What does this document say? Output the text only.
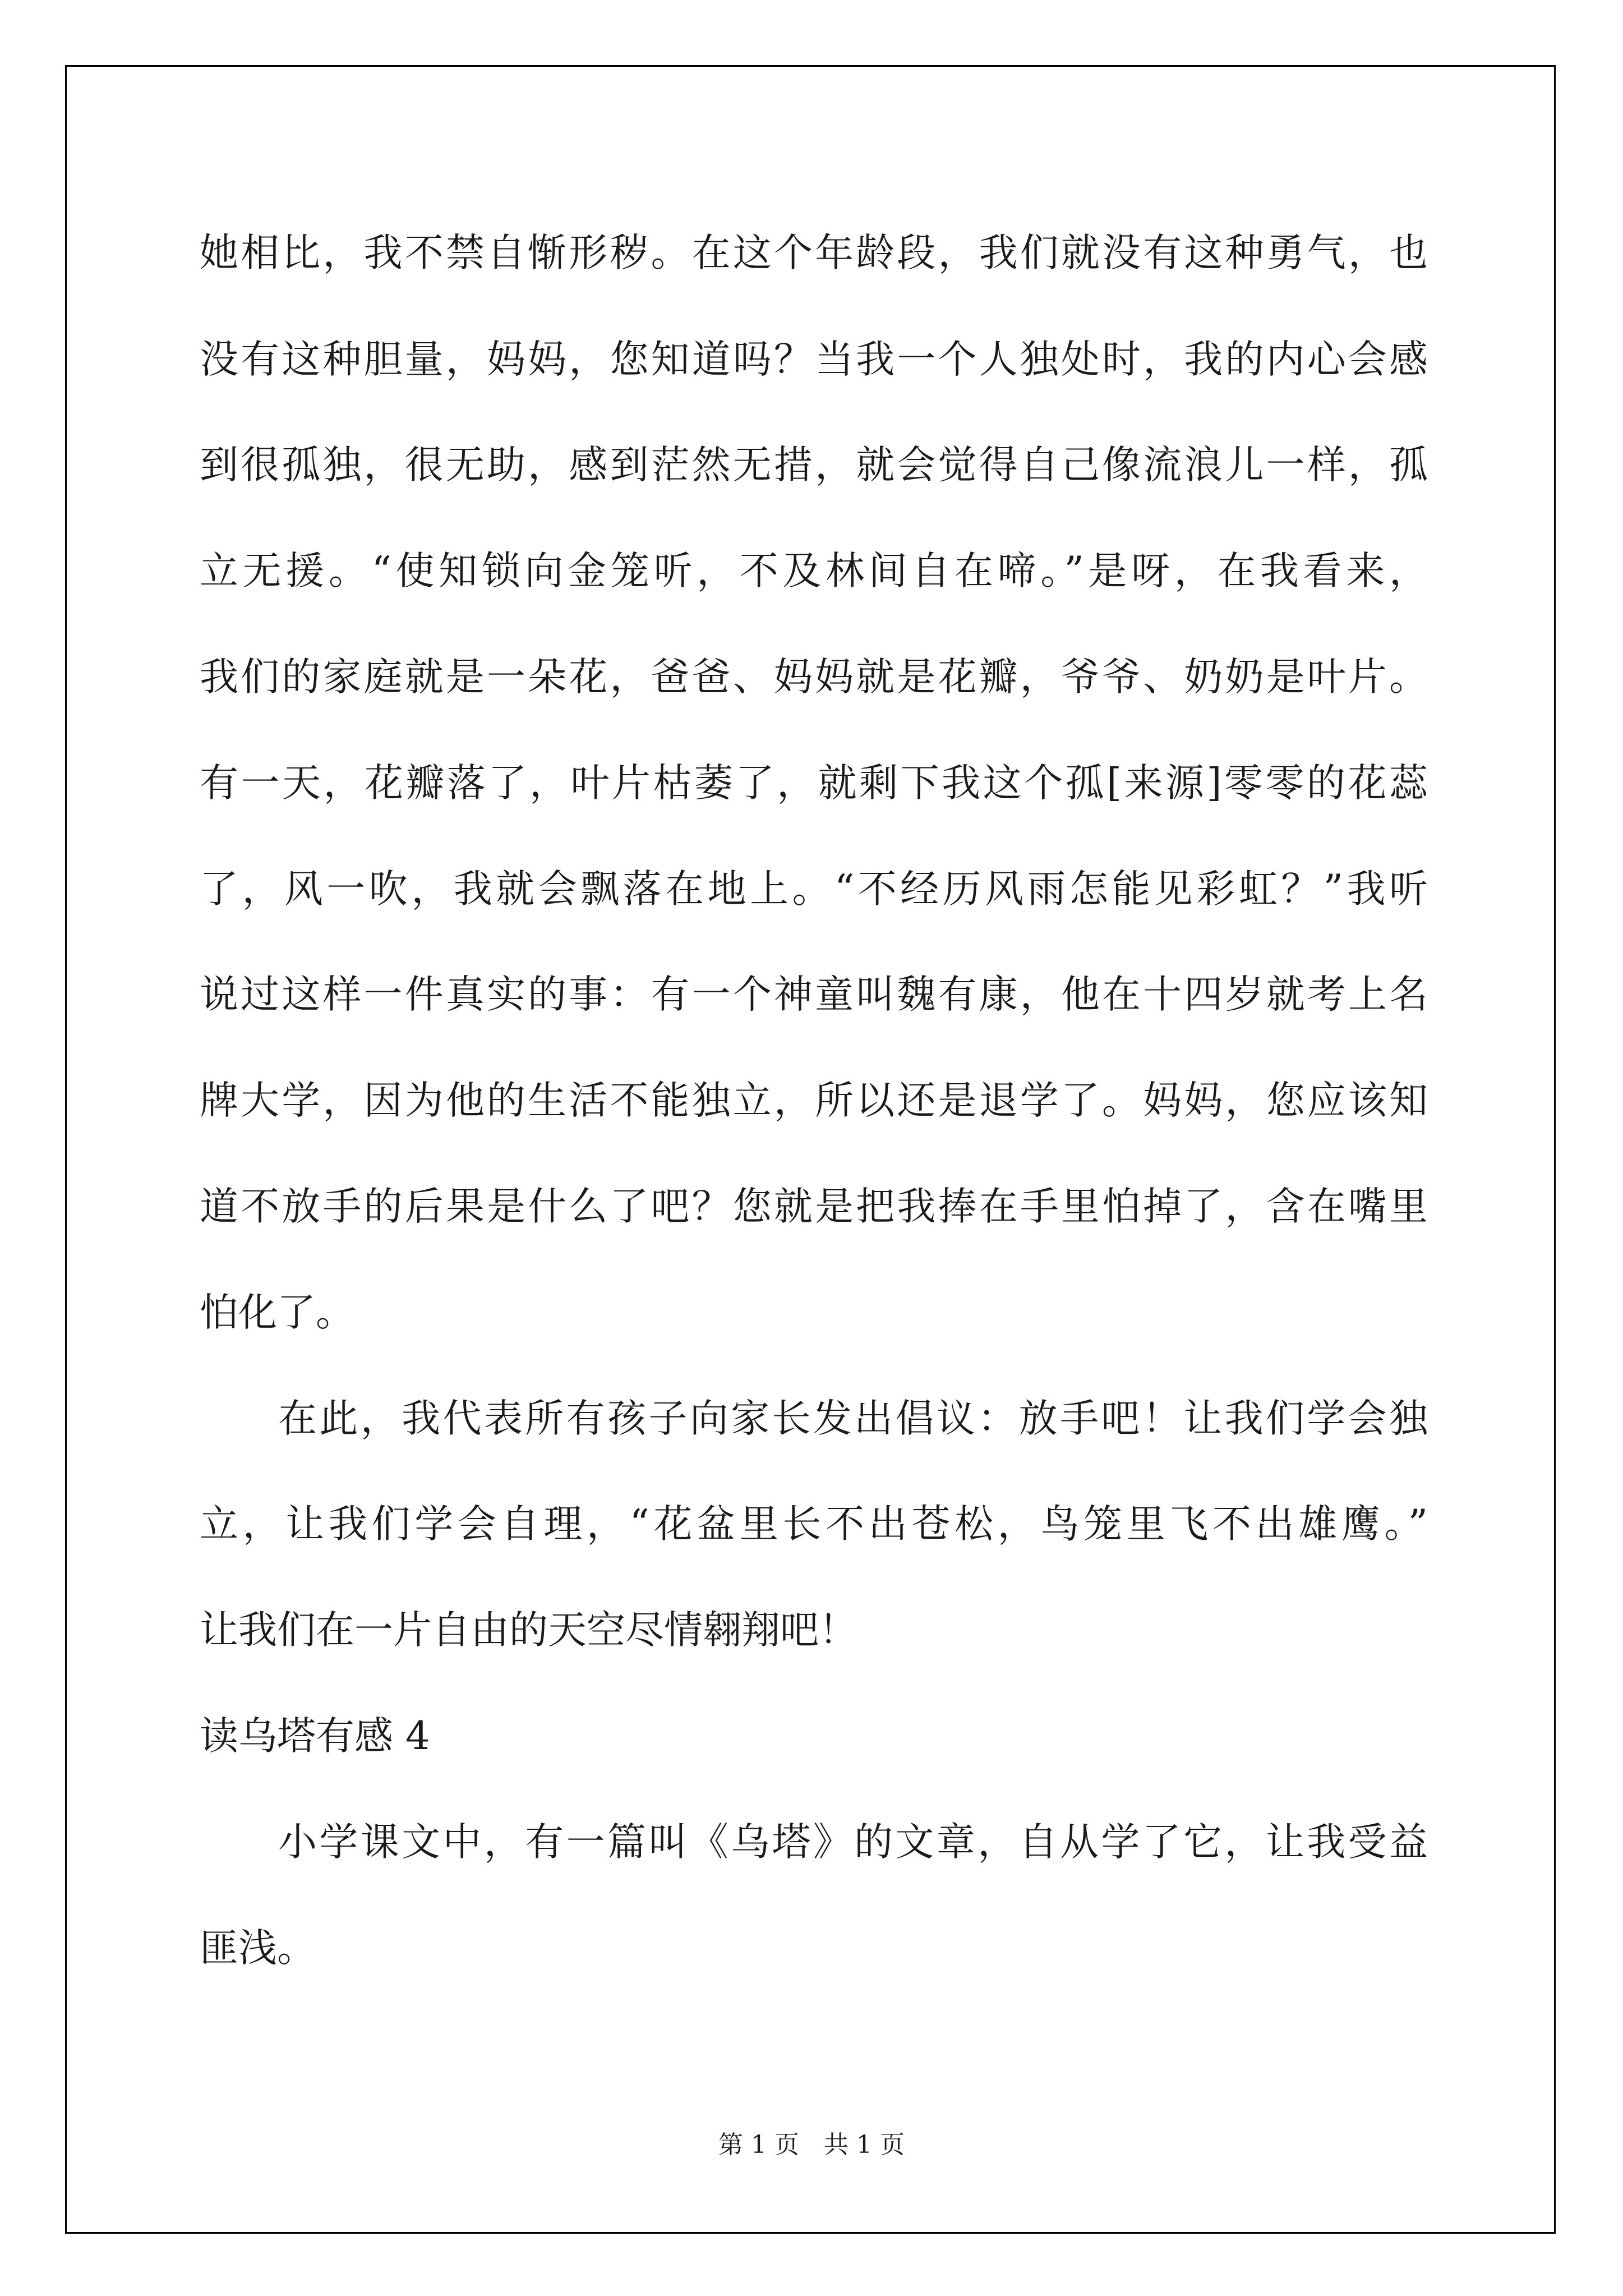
她相比，我不禁自惭形秽。在这个年龄段，我们就没有这种勇气，也
没有这种胆量，妈妈，您知道吗？当我一个人独处时，我的内心会感
到很孤独，很无助，感到茫然无措，就会觉得自己像流浪儿一样，孤
立无援。“使知锁向金笼听，不及林间自在啼。”是呀，在我看来，
我们的家庭就是一朵花，爸爸、妈妈就是花瓣，爷爷、奶奶是叶片。
有一天，花瓣落了，叶片枯萎了，就剩下我这个孤[来源]零零的花蕊
了，风一吹，我就会飘落在地上。“不经历风雨怎能见彩虹？”我听
说过这样一件真实的事：有一个神童叫魏有康，他在十四岁就考上名
牌大学，因为他的生活不能独立，所以还是退学了。妈妈，您应该知
道不放手的后果是什么了吧？您就是把我捧在手里怕掉了，含在嘴里
怕化了。
在此，我代表所有孩子向家长发出倡议：放手吧！让我们学会独
立，让我们学会自理，“花盆里长不出苍松，鸟笼里飞不出雄鹰。”
让我们在一片自由的天空尽情翱翔吧！
读乌塔有感 4
小学课文中，有一篇叫《乌塔》的文章，自从学了它，让我受益
匪浅。
第 1 页　共 1 页
